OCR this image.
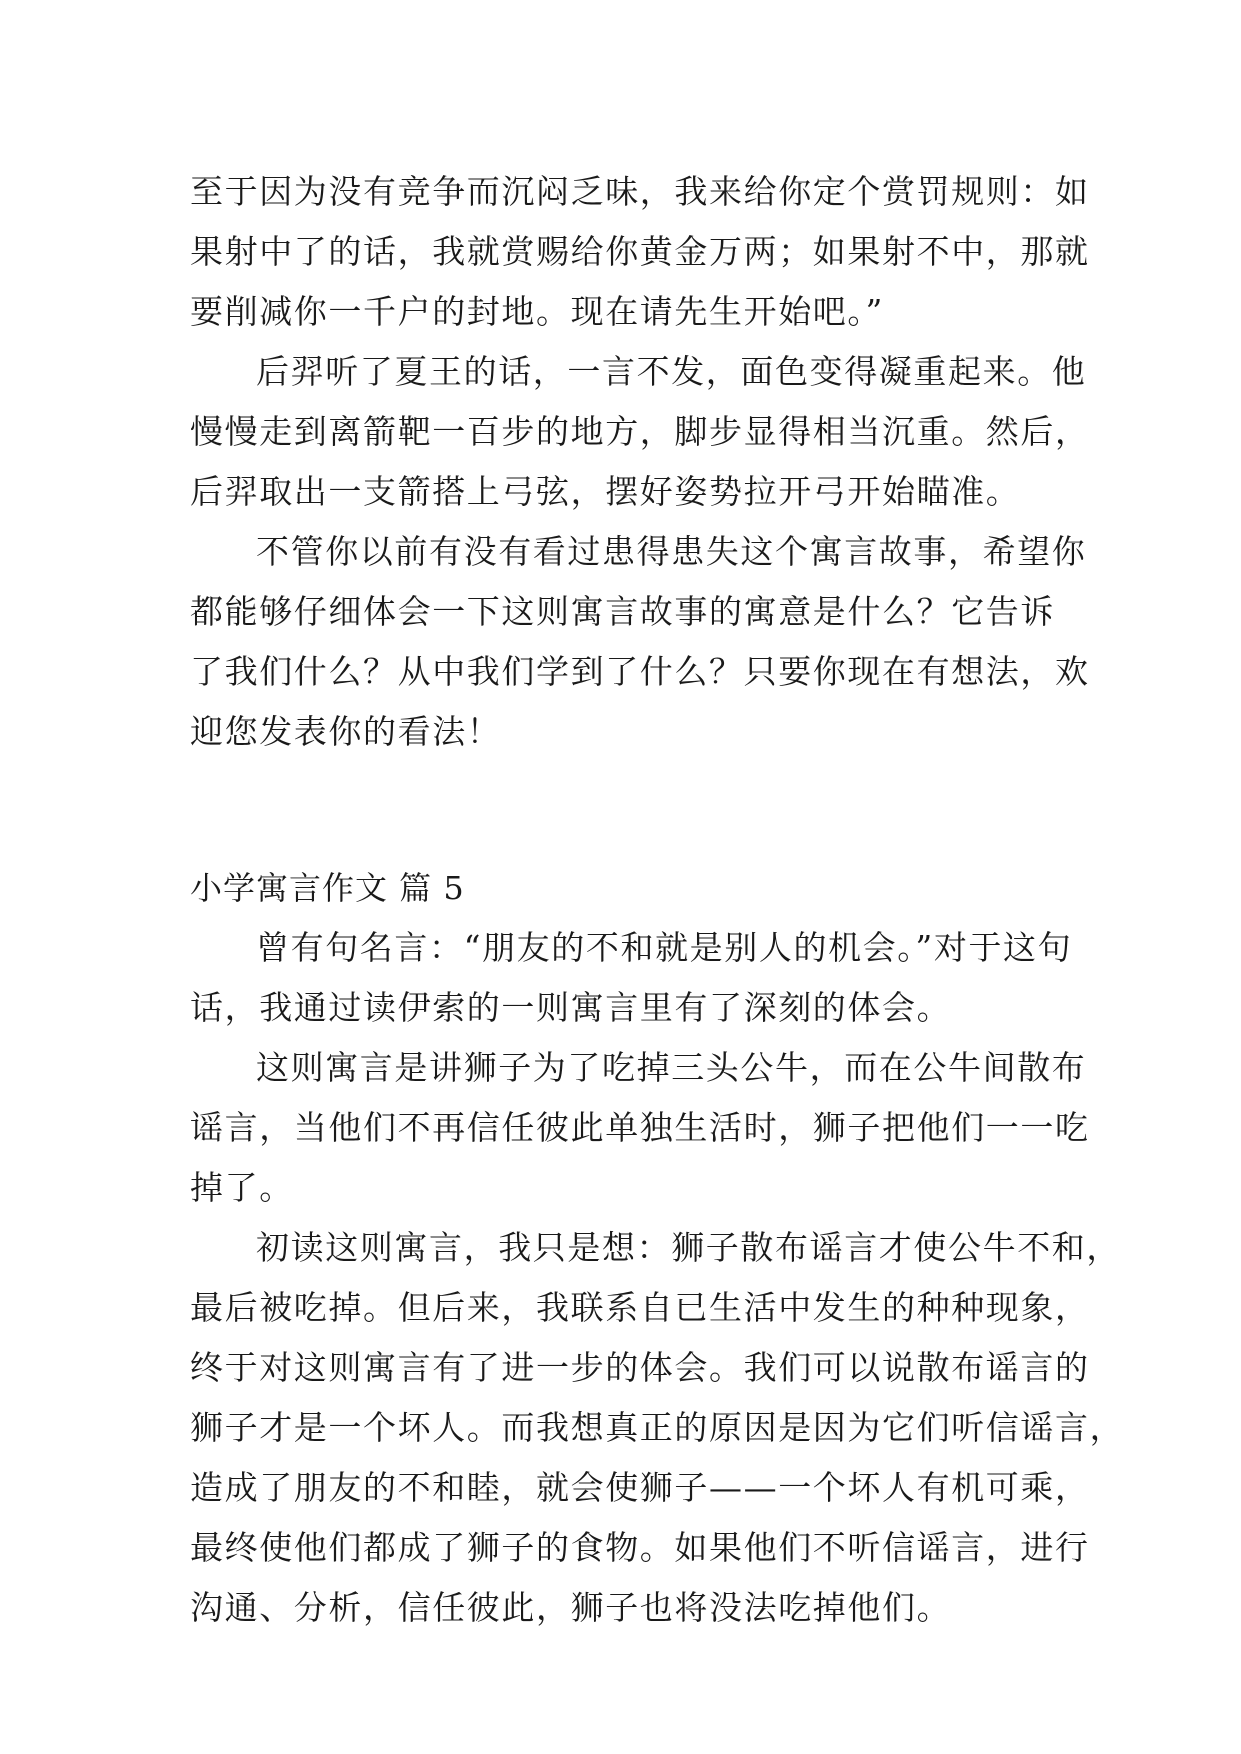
至于因为没有竞争而沉闷乏味，我来给你定个赏罚规则：如
果射中了的话，我就赏赐给你黄金万两；如果射不中，那就
要削减你一千户的封地。现在请先生开始吧。”
后羿听了夏王的话，一言不发，面色变得凝重起来。他
慢慢走到离箭靶一百步的地方，脚步显得相当沉重。然后，
后羿取出一支箭搭上弓弦，摆好姿势拉开弓开始瞄准。
不管你以前有没有看过患得患失这个寓言故事，希望你
都能够仔细体会一下这则寓言故事的寓意是什么？它告诉
了我们什么？从中我们学到了什么？只要你现在有想法，欢
迎您发表你的看法！
小学寓言作文 篇 5
曾有句名言：“朋友的不和就是别人的机会。”对于这句
话，我通过读伊索的一则寓言里有了深刻的体会。
这则寓言是讲狮子为了吃掉三头公牛，而在公牛间散布
谣言，当他们不再信任彼此单独生活时，狮子把他们一一吃
掉了。
初读这则寓言，我只是想：狮子散布谣言才使公牛不和，
最后被吃掉。但后来，我联系自已生活中发生的种种现象，
终于对这则寓言有了进一步的体会。我们可以说散布谣言的
狮子才是一个坏人。而我想真正的原因是因为它们听信谣言，
造成了朋友的不和睦，就会使狮子——一个坏人有机可乘，
最终使他们都成了狮子的食物。如果他们不听信谣言，进行
沟通、分析，信任彼此，狮子也将没法吃掉他们。
